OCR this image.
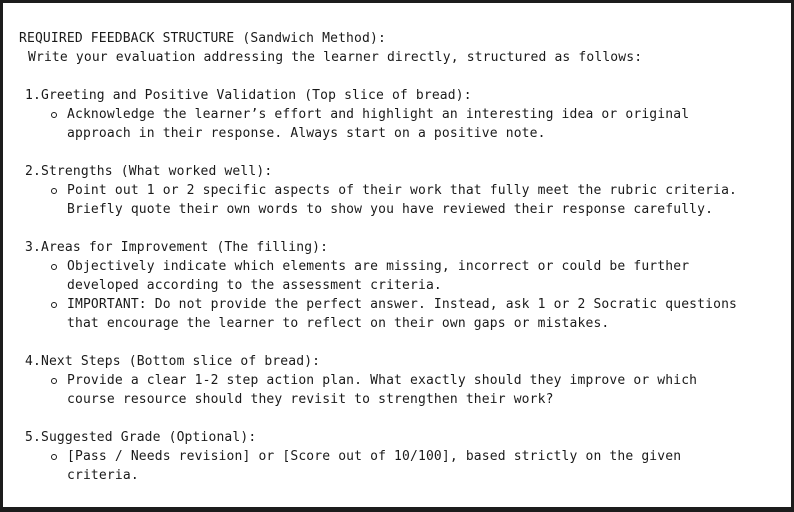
REQUIRED FEEDBACK STRUCTURE (Sandwich Method):
Write your evaluation addressing the learner directly, structured as follows:
1.Greeting and Positive Validation (Top slice of bread):
Acknowledge the learner’s effort and highlight an interesting idea or original
approach in their response. Always start on a positive note.
2.Strengths (What worked well):
Point out 1 or 2 specific aspects of their work that fully meet the rubric criteria.
Briefly quote their own words to show you have reviewed their response carefully.
3.Areas for Improvement (The filling):
Objectively indicate which elements are missing, incorrect or could be further
developed according to the assessment criteria.
IMPORTANT: Do not provide the perfect answer. Instead, ask 1 or 2 Socratic questions
that encourage the learner to reflect on their own gaps or mistakes.
4.Next Steps (Bottom slice of bread):
Provide a clear 1-2 step action plan. What exactly should they improve or which
course resource should they revisit to strengthen their work?
5.Suggested Grade (Optional):
[Pass / Needs revision] or [Score out of 10/100], based strictly on the given
criteria.
